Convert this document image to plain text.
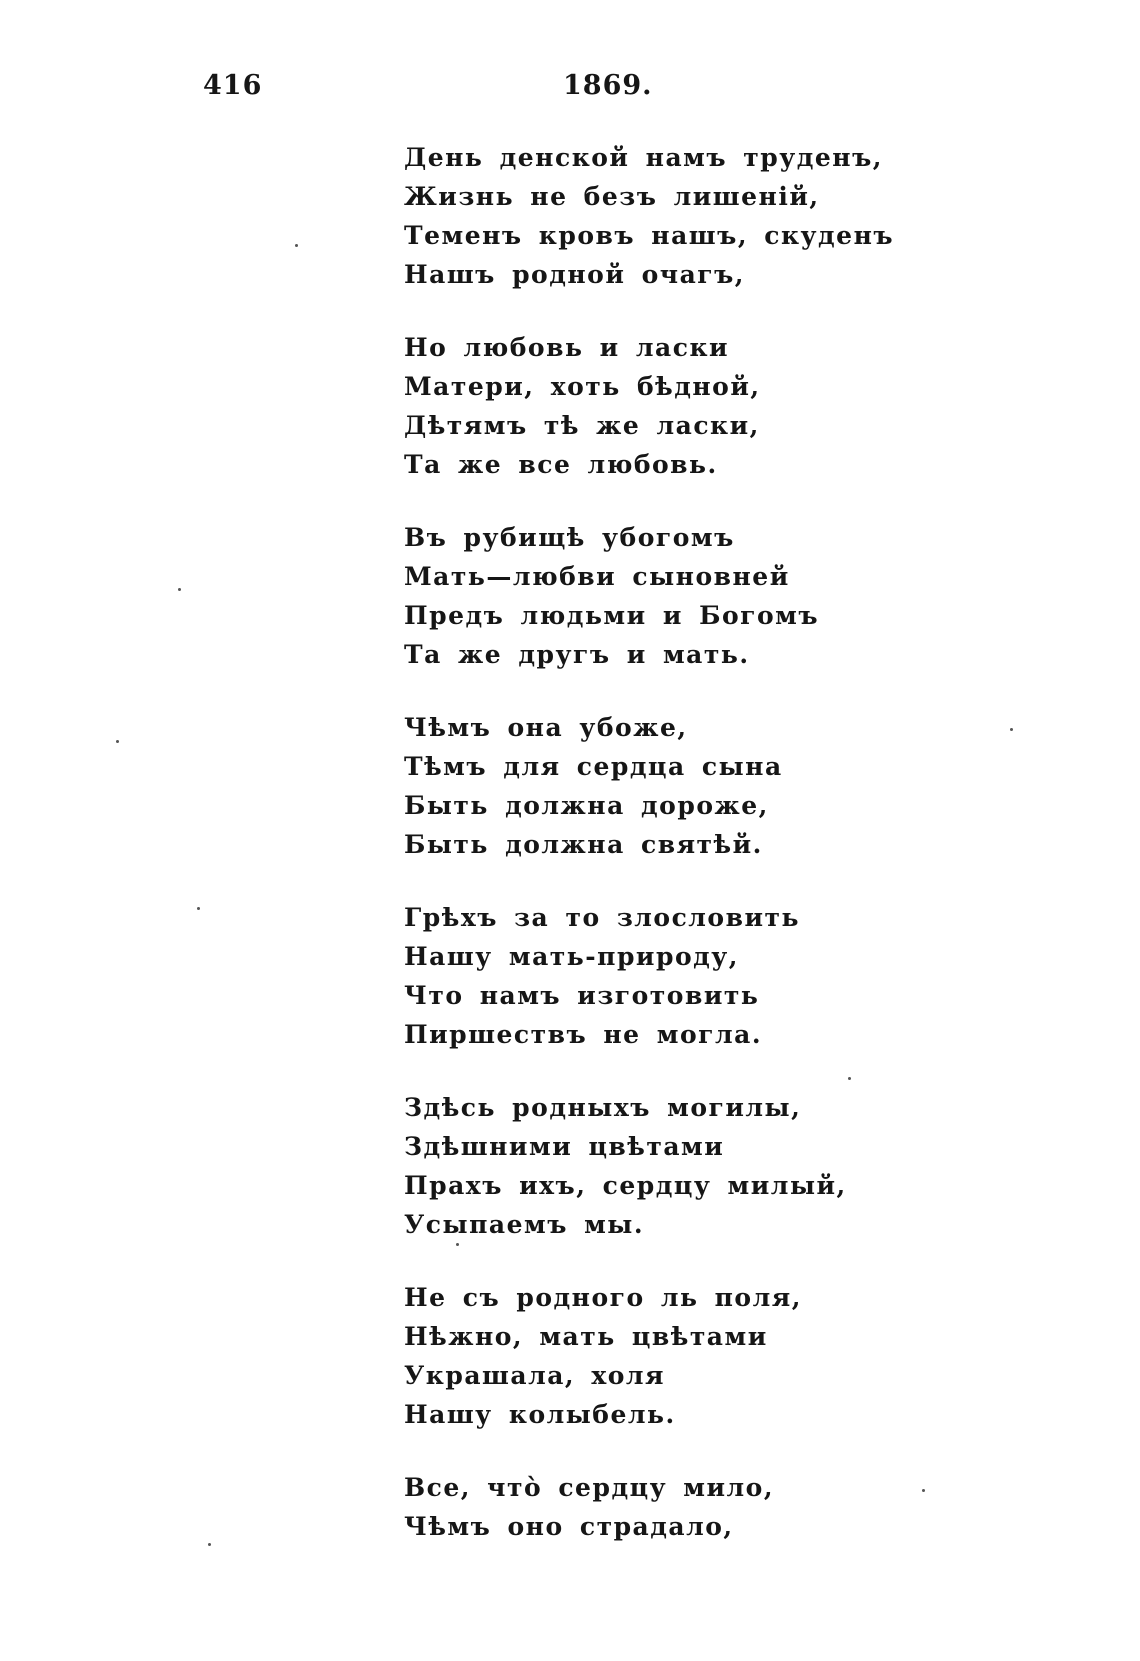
416	1869.
День денской намъ труденъ,
Жизнь не безъ лишеній,
Теменъ кровъ нашъ, скуденъ
Нашъ родной очагъ,
Но любовь и ласки
Матери, хоть бѣдной,
Дѣтямъ тѣ же ласки,
Та же все любовь.
Въ рубищѣ убогомъ
Мать—любви сыновней
Предъ людьми и Богомъ
Та же другъ и мать.
Чѣмъ она убоже,
Тѣмъ для сердца сына
Быть должна дороже,
Быть должна святѣй.
Грѣхъ за то злословить
Нашу мать-природу,
Что намъ изготовить
Пиршествъ не могла.
Здѣсь родныхъ могилы,
Здѣшними цвѣтами
Прахъ ихъ, сердцу милый,
Усыпаемъ мы.
Не съ родного ль поля,
Нѣжно, мать цвѣтами
Украшала, холя
Нашу колыбель.
Все, что̀ сердцу мило,
Чѣмъ оно страдало,
